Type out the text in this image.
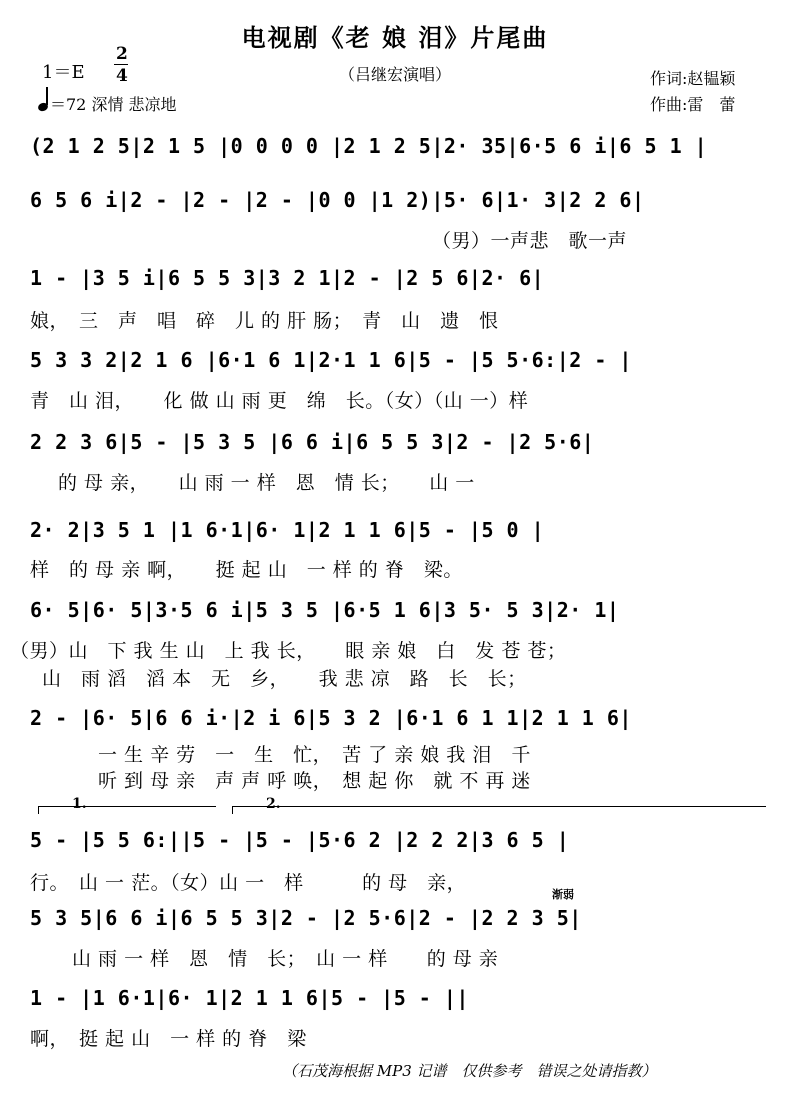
电视剧《老 娘 泪》片尾曲
（吕继宏演唱）
1＝E
2
4
＝72 深情 悲凉地
作词:赵韫颖
作曲:雷　蕾
(2 1 2 5|2 1 5 |0 0 0 0 |2 1 2 5|2· 35|6·5 6 i|6 5 1 |
6 5 6 i|2 - |2 - |2 - |0 0 |1 2)|5· 6|1· 3|2 2 6|
（男）一声悲　歌一声
1 - |3 5 i|6 5 5 3|3 2 1|2 - |2 5 6|2· 6|
娘，　三　声　唱　碎　儿 的 肝 肠；　青　山　遗　恨
5 3 3 2|2 1 6 |6·1 6 1|2·1 1 6|5 - |5 5·6:|2 - |
青　山 泪，　　化 做 山 雨 更　绵　长。（女）（山 一）样
2 2 3 6|5 - |5 3 5 |6 6 i|6 5 5 3|2 - |2 5·6|
的 母 亲，　　山 雨 一 样　恩　情 长；　　山 一
2· 2|3 5 1 |1 6·1|6· 1|2 1 1 6|5 - |5 0 |
样　的 母 亲 啊，　　挺 起 山　一 样 的 脊　梁。
6· 5|6· 5|3·5 6 i|5 3 5 |6·5 1 6|3 5· 5 3|2· 1|
（男）山　下 我 生 山　上 我 长，　　眼 亲 娘　白　发 苍 苍；
山　雨 滔　滔 本　无　乡，　　我 悲 凉　路　长　长；
2 - |6· 5|6 6 i·|2 i 6|5 3 2 |6·1 6 1 1|2 1 1 6|
一 生 辛 劳　一　生　忙，　苦 了 亲 娘 我 泪　千
听 到 母 亲　声 声 呼 唤，　想 起 你　就 不 再 迷
1.	2.
5 - |5 5 6:||5 - |5 - |5·6 2 |2 2 2|3 6 5 |
行。　山 一 茫。（女）山 一　样　　　的 母　亲，
渐弱
5 3 5|6 6 i|6 5 5 3|2 - |2 5·6|2 - |2 2 3 5|
山 雨 一 样　恩　情　长；　山 一 样　　的 母 亲
1 - |1 6·1|6· 1|2 1 1 6|5 - |5 - ||
啊，　挺 起 山　一 样 的 脊　梁
（石茂海根据 MP3 记谱　仅供参考　错误之处请指教）
